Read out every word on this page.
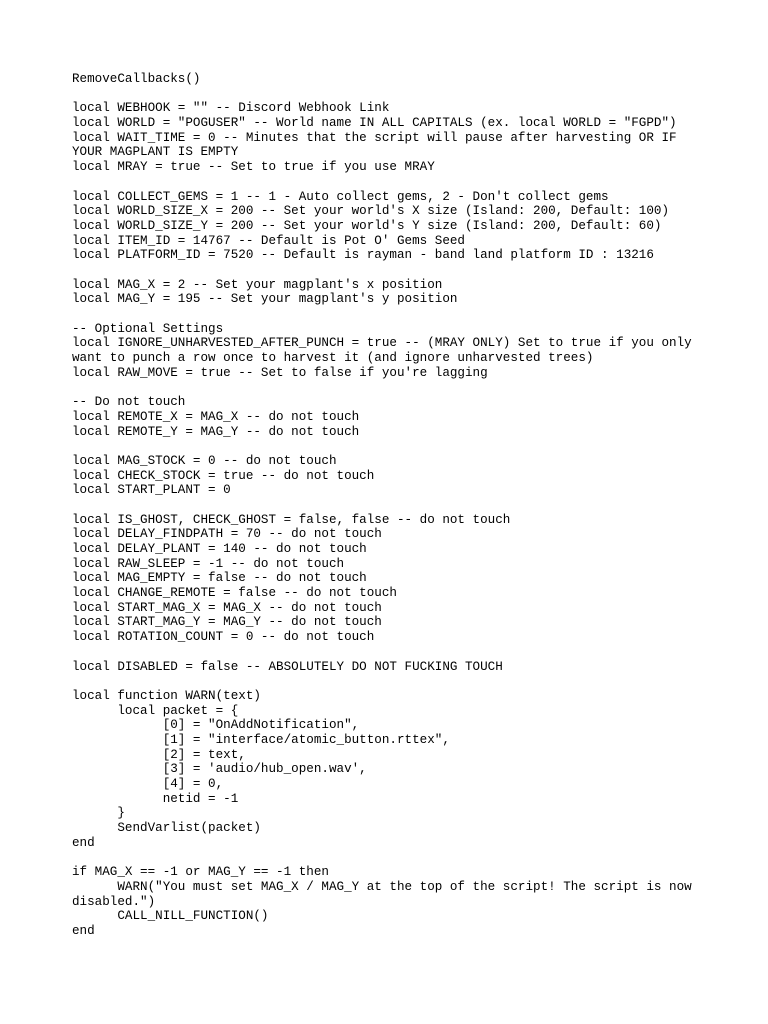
RemoveCallbacks()
local WEBHOOK = "" -- Discord Webhook Link
local WORLD = "POGUSER" -- World name IN ALL CAPITALS (ex. local WORLD = "FGPD")
local WAIT_TIME = 0 -- Minutes that the script will pause after harvesting OR IF
YOUR MAGPLANT IS EMPTY
local MRAY = true -- Set to true if you use MRAY
local COLLECT_GEMS = 1 -- 1 - Auto collect gems, 2 - Don't collect gems
local WORLD_SIZE_X = 200 -- Set your world's X size (Island: 200, Default: 100)
local WORLD_SIZE_Y = 200 -- Set your world's Y size (Island: 200, Default: 60)
local ITEM_ID = 14767 -- Default is Pot O' Gems Seed
local PLATFORM_ID = 7520 -- Default is rayman - band land platform ID : 13216
local MAG_X = 2 -- Set your magplant's x position
local MAG_Y = 195 -- Set your magplant's y position
-- Optional Settings
local IGNORE_UNHARVESTED_AFTER_PUNCH = true -- (MRAY ONLY) Set to true if you only
want to punch a row once to harvest it (and ignore unharvested trees)
local RAW_MOVE = true -- Set to false if you're lagging
-- Do not touch
local REMOTE_X = MAG_X -- do not touch
local REMOTE_Y = MAG_Y -- do not touch
local MAG_STOCK = 0 -- do not touch
local CHECK_STOCK = true -- do not touch
local START_PLANT = 0
local IS_GHOST, CHECK_GHOST = false, false -- do not touch
local DELAY_FINDPATH = 70 -- do not touch
local DELAY_PLANT = 140 -- do not touch
local RAW_SLEEP = -1 -- do not touch
local MAG_EMPTY = false -- do not touch
local CHANGE_REMOTE = false -- do not touch
local START_MAG_X = MAG_X -- do not touch
local START_MAG_Y = MAG_Y -- do not touch
local ROTATION_COUNT = 0 -- do not touch
local DISABLED = false -- ABSOLUTELY DO NOT FUCKING TOUCH
local function WARN(text)
local packet = {
[0] = "OnAddNotification",
[1] = "interface/atomic_button.rttex",
[2] = text,
[3] = 'audio/hub_open.wav',
[4] = 0,
netid = -1
}
SendVarlist(packet)
end
if MAG_X == -1 or MAG_Y == -1 then
WARN("You must set MAG_X / MAG_Y at the top of the script! The script is now
disabled.")
CALL_NILL_FUNCTION()
end
